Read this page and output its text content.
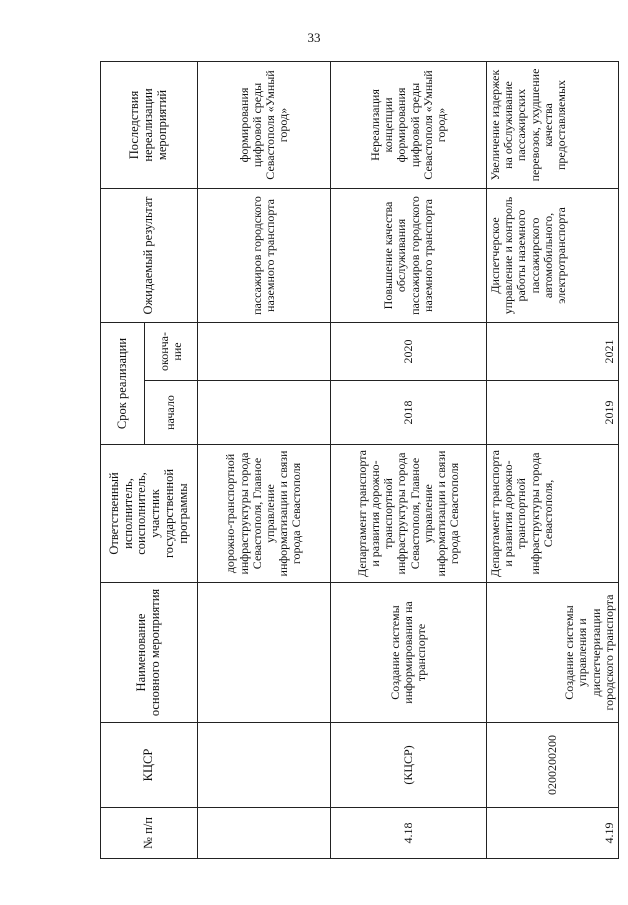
33
№ п/п	КЦСР	Наименование основного мероприятия	Ответственный исполнитель, соисполнитель, участник государственной программы	Срок реализации		Ожидаемый результат	Последствия нереализации мероприятий
				начало	оконча-ние		
			дорожно-транспортной инфраструктуры города Севастополя, Главное управление информатизации и связи города Севастополя			пассажиров городского наземного транспорта	формирования цифровой среды Севастополя «Умный город»
4.18	(КЦСР)	Создание системы информирования на транспорте	Департамент транспорта и развития дорожно-транспортной инфраструктуры города Севастополя, Главное управление информатизации и связи города Севастополя	2018	2020	Повышение качества обслуживания пассажиров городского наземного транспорта	Нереализация концепции формирования цифровой среды Севастополя «Умный город»
4.19	0200200200	Создание системы управления и диспетчеризации городского транспорта	Департамент транспорта и развития дорожно-транспортной инфраструктуры города Севастополя,	2019	2021	Диспетчерское управление и контроль работы наземного пассажирского автомобильного, электротранспорта	Увеличение издержек на обслуживание пассажирских перевозок, ухудшение качества предоставляемых
